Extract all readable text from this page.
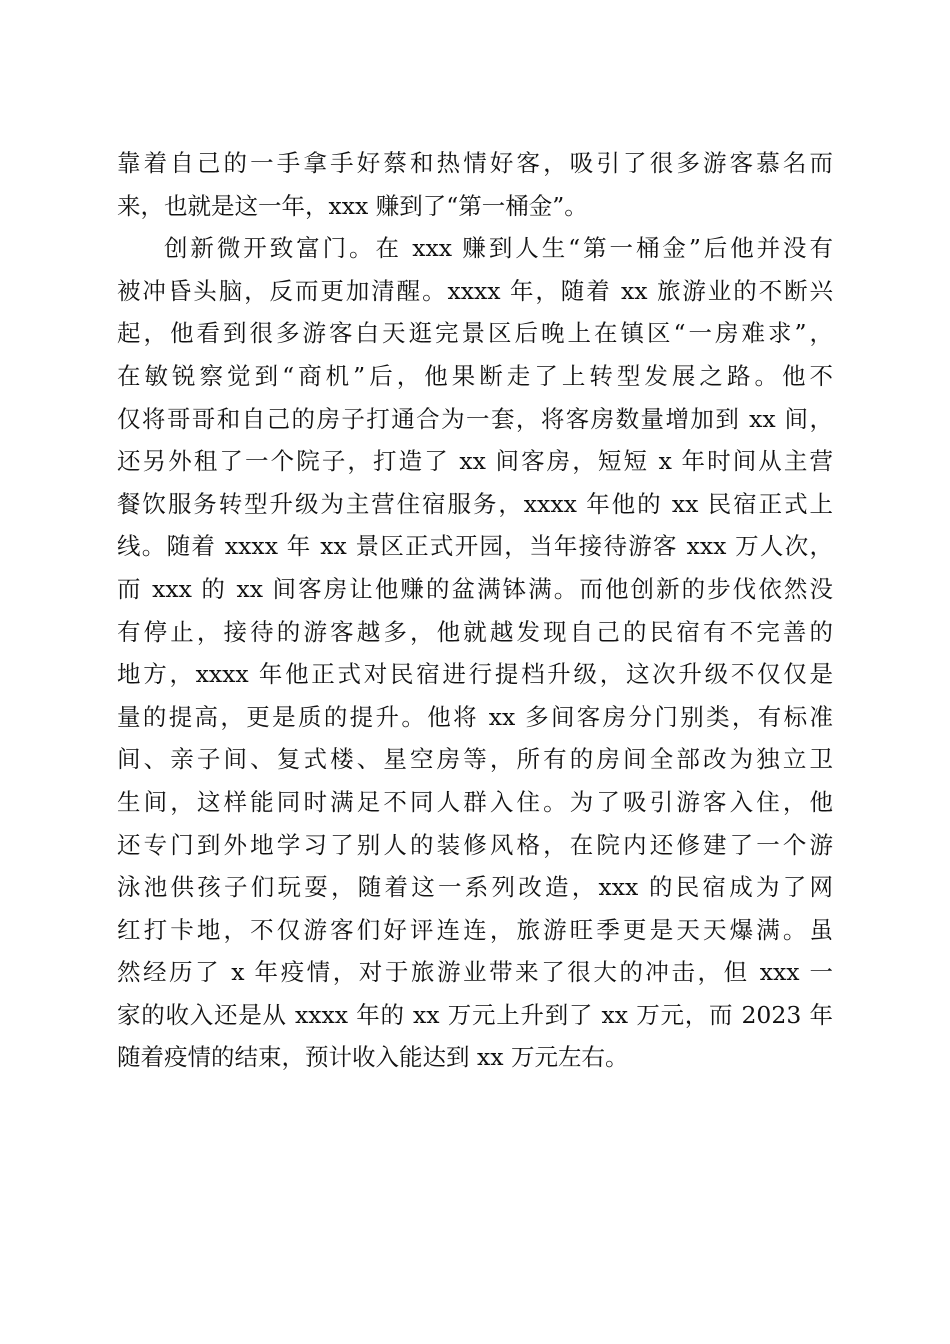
靠着自己的一手拿手好蔡和热情好客，吸引了很多游客慕名而
来，也就是这一年，xxx 赚到了“第一桶金”。
创新微开致富门。在 xxx 赚到人生“第一桶金”后他并没有
被冲昏头脑，反而更加清醒。xxxx 年，随着 xx 旅游业的不断兴
起，他看到很多游客白天逛完景区后晚上在镇区“一房难求”，
在敏锐察觉到“商机”后，他果断走了上转型发展之路。他不
仅将哥哥和自己的房子打通合为一套，将客房数量增加到 xx 间，
还另外租了一个院子，打造了 xx 间客房，短短 x 年时间从主营
餐饮服务转型升级为主营住宿服务，xxxx 年他的 xx 民宿正式上
线。随着 xxxx 年 xx 景区正式开园，当年接待游客 xxx 万人次，
而 xxx 的 xx 间客房让他赚的盆满钵满。而他创新的步伐依然没
有停止，接待的游客越多，他就越发现自己的民宿有不完善的
地方，xxxx 年他正式对民宿进行提档升级，这次升级不仅仅是
量的提高，更是质的提升。他将 xx 多间客房分门别类，有标准
间、亲子间、复式楼、星空房等，所有的房间全部改为独立卫
生间，这样能同时满足不同人群入住。为了吸引游客入住，他
还专门到外地学习了别人的装修风格，在院内还修建了一个游
泳池供孩子们玩耍，随着这一系列改造，xxx 的民宿成为了网
红打卡地，不仅游客们好评连连，旅游旺季更是天天爆满。虽
然经历了 x 年疫情，对于旅游业带来了很大的冲击，但 xxx 一
家的收入还是从 xxxx 年的 xx 万元上升到了 xx 万元，而 2023 年
随着疫情的结束，预计收入能达到 xx 万元左右。
